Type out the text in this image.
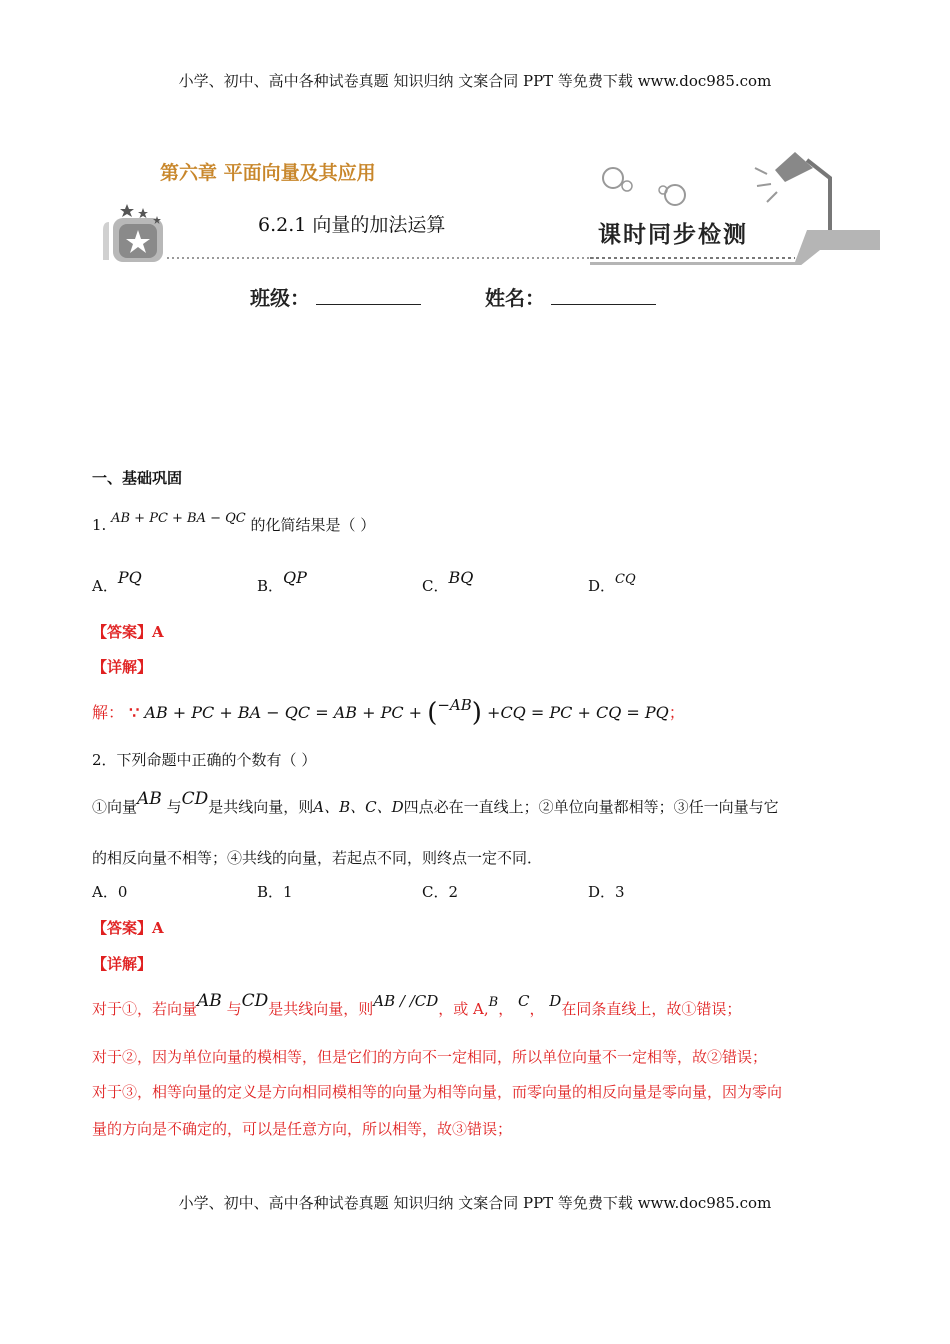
小学、初中、高中各种试卷真题 知识归纳 文案合同 PPT 等免费下载 www.doc985.com
第六章 平面向量及其应用
6.2.1 向量的加法运算	课时同步检测
班级：	姓名：
一、基础巩固
1. AB + PC + BA − QC 的化简结果是（ ）
A．PQ	B．QP	C．BQ	D．CQ
【答案】A
【详解】
解： ∵ AB + PC + BA − QC = AB + PC + (−AB) +CQ = PC + CQ = PQ；
2．下列命题中正确的个数有（ ）
①向量AB 与CD是共线向量，则A、B、C、D四点必在一直线上；②单位向量都相等；③任一向量与它
的相反向量不相等；④共线的向量，若起点不同，则终点一定不同．
A．0	B．1	C．2	D．3
【答案】A
【详解】
对于①，若向量AB 与CD是共线向量，则AB / /CD，或 A,B， C， D在同条直线上，故①错误；
对于②，因为单位向量的模相等，但是它们的方向不一定相同，所以单位向量不一定相等，故②错误；
对于③，相等向量的定义是方向相同模相等的向量为相等向量，而零向量的相反向量是零向量，因为零向
量的方向是不确定的，可以是任意方向，所以相等，故③错误；
小学、初中、高中各种试卷真题 知识归纳 文案合同 PPT 等免费下载 www.doc985.com
